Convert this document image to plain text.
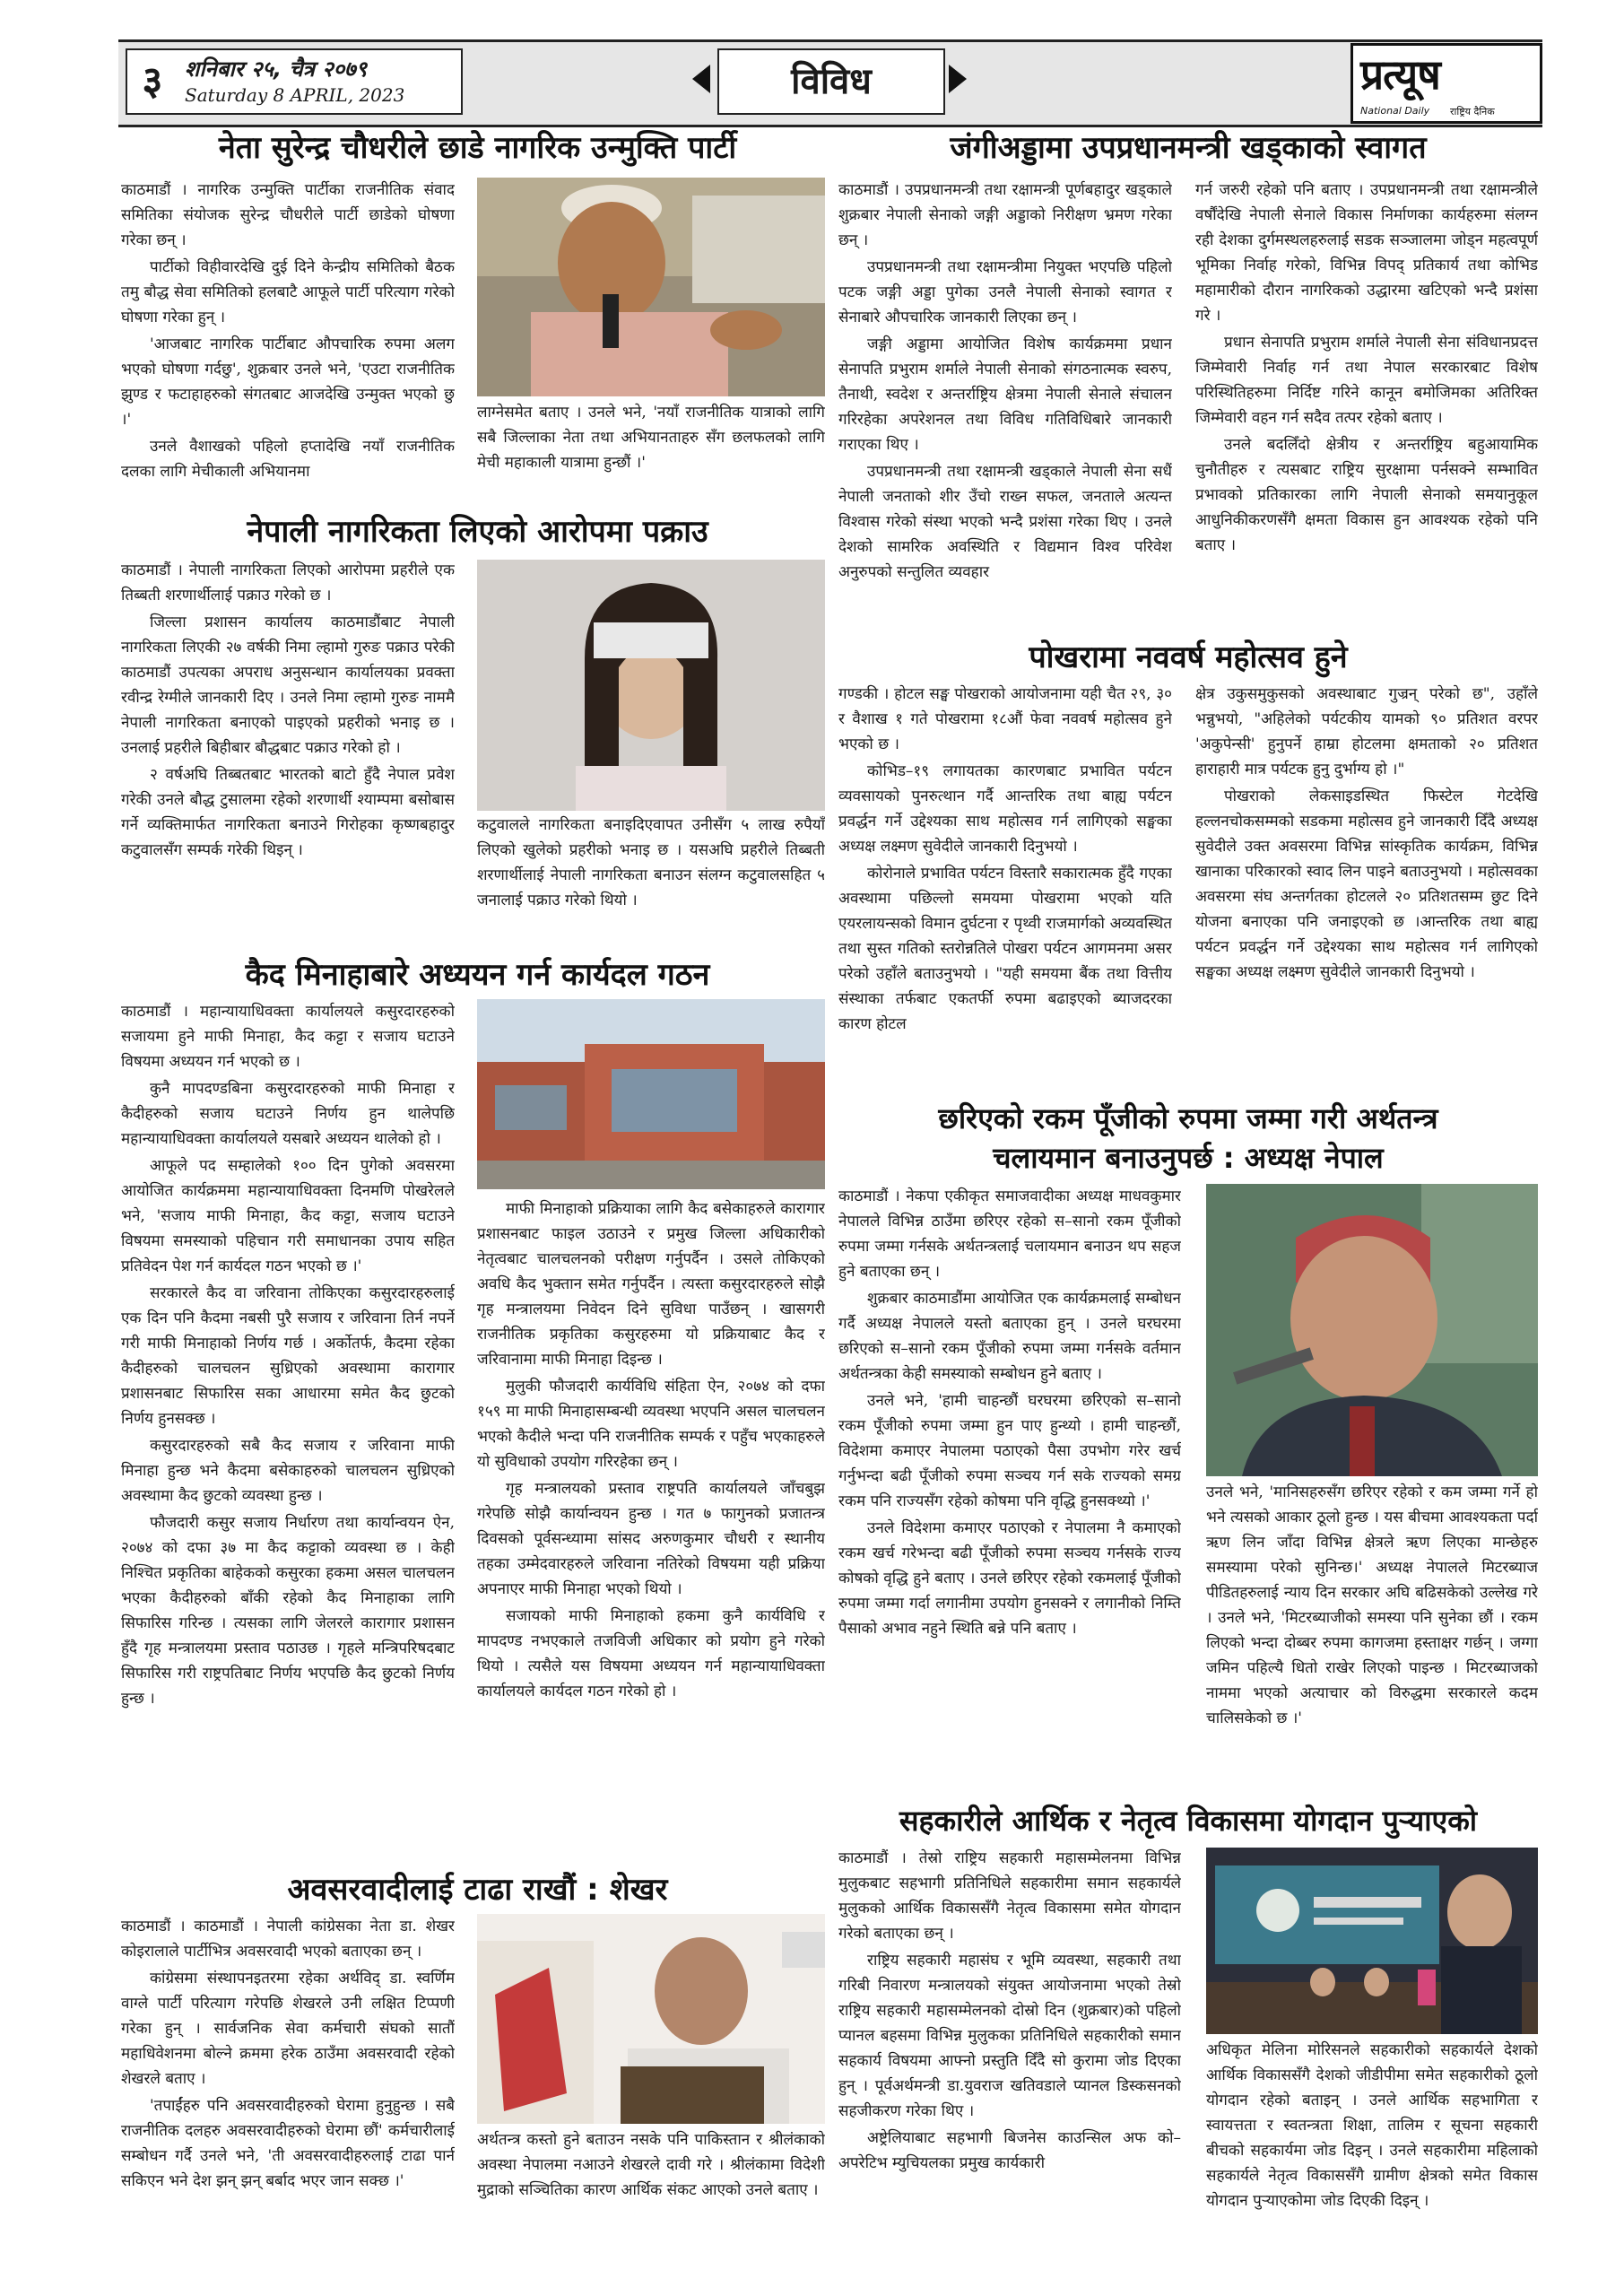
३	शनिबार २५, चैत्र २०७९
Saturday 8 APRIL, 2023	विविध	प्रत्यूष
National Daily राष्ट्रिय दैनिक
नेता सुरेन्द्र चौधरीले छाडे नागरिक उन्मुक्ति पार्टी

काठमाडौं । नागरिक उन्मुक्ति पार्टीका राजनीतिक संवाद समितिका संयोजक सुरेन्द्र चौधरीले पार्टी छाडेको घोषणा गरेका छन् ।

पार्टीको विहीवारदेखि दुई दिने केन्द्रीय समितिको बैठक तमु बौद्ध सेवा समितिको हलबाटै आफूले पार्टी परित्याग गरेको घोषणा गरेका हुन् ।

'आजबाट नागरिक पार्टीबाट औपचारिक रुपमा अलग भएको घोषणा गर्दछु', शुक्रबार उनले भने, 'एउटा राजनीतिक झुण्ड र फटाहाहरुको संगतबाट आजदेखि उन्मुक्त भएको छु ।'

उनले वैशाखको पहिलो हप्तादेखि नयाँ राजनीतिक दलका लागि मेचीकाली अभियानमा

लाग्नेसमेत बताए । उनले भने, 'नयाँ राजनीतिक यात्राको लागि सबै जिल्लाका नेता तथा अभियानताहरु सँग छलफलको लागि मेची महाकाली यात्रामा हुन्छौं ।'
नेपाली नागरिकता लिएको आरोपमा पक्राउ

काठमाडौं । नेपाली नागरिकता लिएको आरोपमा प्रहरीले एक तिब्बती शरणार्थीलाई पक्राउ गरेको छ ।

जिल्ला प्रशासन कार्यालय काठमाडौंबाट नेपाली नागरिकता लिएकी २७ वर्षकी निमा ल्हामो गुरुङ पक्राउ परेकी काठमाडौं उपत्यका अपराध अनुसन्धान कार्यालयका प्रवक्ता रवीन्द्र रेग्मीले जानकारी दिए । उनले निमा ल्हामो गुरुङ नाममै नेपाली नागरिकता बनाएको पाइएको प्रहरीको भनाइ छ । उनलाई प्रहरीले बिहीबार बौद्धबाट पक्राउ गरेको हो ।

२ वर्षअघि तिब्बतबाट भारतको बाटो हुँदै नेपाल प्रवेश गरेकी उनले बौद्ध टुसालमा रहेको शरणार्थी श्याम्पमा बसोबास गर्ने व्यक्तिमार्फत नागरिकता बनाउने गिरोहका कृष्णबहादुर कटुवालसँग सम्पर्क गरेकी थिइन् ।

कटुवालले नागरिकता बनाइदिएवापत उनीसँग ५ लाख रुपैयाँ लिएको खुलेको प्रहरीको भनाइ छ । यसअघि प्रहरीले तिब्बती शरणार्थीलाई नेपाली नागरिकता बनाउन संलग्न कटुवालसहित ५ जनालाई पक्राउ गरेको थियो ।
कैद मिनाहाबारे अध्ययन गर्न कार्यदल गठन

काठमाडौं । महान्यायाधिवक्ता कार्यालयले कसुरदारहरुको सजायमा हुने माफी मिनाहा, कैद कट्टा र सजाय घटाउने विषयमा अध्ययन गर्न भएको छ ।

कुनै मापदण्डबिना कसुरदारहरुको माफी मिनाहा र कैदीहरुको सजाय घटाउने निर्णय हुन थालेपछि महान्यायाधिवक्ता कार्यालयले यसबारे अध्ययन थालेको हो ।

आफूले पद सम्हालेको १०० दिन पुगेको अवसरमा आयोजित कार्यक्रममा महान्यायाधिवक्ता दिनमणि पोखरेलले भने, 'सजाय माफी मिनाहा, कैद कट्टा, सजाय घटाउने विषयमा समस्याको पहिचान गरी समाधानका उपाय सहित प्रतिवेदन पेश गर्न कार्यदल गठन भएको छ ।'

सरकारले कैद वा जरिवाना तोकिएका कसुरदारहरुलाई एक दिन पनि कैदमा नबसी पुरै सजाय र जरिवाना तिर्न नपर्ने गरी माफी मिनाहाको निर्णय गर्छ । अर्कोतर्फ, कैदमा रहेका कैदीहरुको चालचलन सुध्रिएको अवस्थामा कारागार प्रशासनबाट सिफारिस सका आधारमा समेत कैद छुटको निर्णय हुनसक्छ ।

कसुरदारहरुको सबै कैद सजाय र जरिवाना माफी मिनाहा हुन्छ भने कैदमा बसेकाहरुको चालचलन सुध्रिएको अवस्थामा कैद छुटको व्यवस्था हुन्छ ।

फौजदारी कसुर सजाय निर्धारण तथा कार्यान्वयन ऐन, २०७४ को दफा ३७ मा कैद कट्टाको व्यवस्था छ । केही निश्चित प्रकृतिका बाहेकको कसुरका हकमा असल चालचलन भएका कैदीहरुको बाँकी रहेको कैद मिनाहाका लागि सिफारिस गरिन्छ । त्यसका लागि जेलरले कारागार प्रशासन हुँदै गृह मन्त्रालयमा प्रस्ताव पठाउछ । गृहले मन्त्रिपरिषदबाट सिफारिस गरी राष्ट्रपतिबाट निर्णय भएपछि कैद छुटको निर्णय हुन्छ ।

माफी मिनाहाको प्रक्रियाका लागि कैद बसेकाहरुले कारागार प्रशासनबाट फाइल उठाउने र प्रमुख जिल्ला अधिकारीको नेतृत्वबाट चालचलनको परीक्षण गर्नुपर्दैन । उसले तोकिएको अवधि कैद भुक्तान समेत गर्नुपर्दैन । त्यस्ता कसुरदारहरुले सोझै गृह मन्त्रालयमा निवेदन दिने सुविधा पाउँछन् । खासगरी राजनीतिक प्रकृतिका कसुरहरुमा यो प्रक्रियाबाट कैद र जरिवानामा माफी मिनाहा दिइन्छ ।

मुलुकी फौजदारी कार्यविधि संहिता ऐन, २०७४ को दफा १५९ मा माफी मिनाहासम्बन्धी व्यवस्था भएपनि असल चालचलन भएको कैदीले भन्दा पनि राजनीतिक सम्पर्क र पहुँच भएकाहरुले यो सुविधाको उपयोग गरिरहेका छन् ।

गृह मन्त्रालयको प्रस्ताव राष्ट्रपति कार्यालयले जाँचबुझ गरेपछि सोझै कार्यान्वयन हुन्छ । गत ७ फागुनको प्रजातन्त्र दिवसको पूर्वसन्ध्यामा सांसद अरुणकुमार चौधरी र स्थानीय तहका उम्मेदवारहरुले जरिवाना नतिरेको विषयमा यही प्रक्रिया अपनाएर माफी मिनाहा भएको थियो ।

सजायको माफी मिनाहाको हकमा कुनै कार्यविधि र मापदण्ड नभएकाले तजविजी अधिकार को प्रयोग हुने गरेको थियो । त्यसैले यस विषयमा अध्ययन गर्न महान्यायाधिवक्ता कार्यालयले कार्यदल गठन गरेको हो ।

अवसरवादीलाई टाढा राखौं : शेखर

काठमाडौं । काठमाडौं । नेपाली कांग्रेसका नेता डा. शेखर कोइरालाले पार्टीभित्र अवसरवादी भएको बताएका छन् ।

कांग्रेसमा संस्थापनइतरमा रहेका अर्थविद् डा. स्वर्णिम वाग्ले पार्टी परित्याग गरेपछि शेखरले उनी लक्षित टिप्पणी गरेका हुन् । सार्वजनिक सेवा कर्मचारी संघको सातौं महाधिवेशनमा बोल्ने क्रममा हरेक ठाउँमा अवसरवादी रहेको शेखरले बताए ।

'तपाईंहरु पनि अवसरवादीहरुको घेरामा हुनुहुन्छ । सबै राजनीतिक दलहरु अवसरवादीहरुको घेरामा छौं' कर्मचारीलाई सम्बोधन गर्दै उनले भने, 'ती अवसरवादीहरुलाई टाढा पार्न सकिएन भने देश झन् झन् बर्बाद भएर जान सक्छ ।'

अर्थतन्त्र कस्तो हुने बताउन नसके पनि पाकिस्तान र श्रीलंकाको अवस्था नेपालमा नआउने शेखरले दावी गरे । श्रीलंकामा विदेशी मुद्राको सञ्चितिका कारण आर्थिक संकट आएको उनले बताए ।
जंगीअड्डामा उपप्रधानमन्त्री खड्काको स्वागत

काठमाडौं । उपप्रधानमन्त्री तथा रक्षामन्त्री पूर्णबहादुर खड्काले शुक्रबार नेपाली सेनाको जङ्गी अड्डाको निरीक्षण भ्रमण गरेका छन् ।

उपप्रधानमन्त्री तथा रक्षामन्त्रीमा नियुक्त भएपछि पहिलो पटक जङ्गी अड्डा पुगेका उनलै नेपाली सेनाको स्वागत र सेनाबारे औपचारिक जानकारी लिएका छन् ।

जङ्गी अड्डामा आयोजित विशेष कार्यक्रममा प्रधान सेनापति प्रभुराम शर्माले नेपाली सेनाको संगठनात्मक स्वरुप, तैनाथी, स्वदेश र अन्तर्राष्ट्रिय क्षेत्रमा नेपाली सेनाले संचालन गरिरहेका अपरेशनल तथा विविध गतिविधिबारे जानकारी गराएका थिए ।

उपप्रधानमन्त्री तथा रक्षामन्त्री खड्काले नेपाली सेना सधैं नेपाली जनताको शीर उँचो राख्न सफल, जनताले अत्यन्त विश्वास गरेको संस्था भएको भन्दै प्रशंसा गरेका थिए । उनले देशको सामरिक अवस्थिति र विद्यमान विश्व परिवेश अनुरुपको सन्तुलित व्यवहार

गर्न जरुरी रहेको पनि बताए । उपप्रधानमन्त्री तथा रक्षामन्त्रीले वर्षौंदेखि नेपाली सेनाले विकास निर्माणका कार्यहरुमा संलग्न रही देशका दुर्गमस्थलहरुलाई सडक सञ्जालमा जोड्न महत्वपूर्ण भूमिका निर्वाह गरेको, विभिन्न विपद् प्रतिकार्य तथा कोभिड महामारीको दौरान नागरिकको उद्धारमा खटिएको भन्दै प्रशंसा गरे ।

प्रधान सेनापति प्रभुराम शर्माले नेपाली सेना संविधानप्रदत्त जिम्मेवारी निर्वाह गर्न तथा नेपाल सरकारबाट विशेष परिस्थितिहरुमा निर्दिष्ट गरिने कानून बमोजिमका अतिरिक्त जिम्मेवारी वहन गर्न सदैव तत्पर रहेको बताए ।

उनले बदलिँदो क्षेत्रीय र अन्तर्राष्ट्रिय बहुआयामिक चुनौतीहरु र त्यसबाट राष्ट्रिय सुरक्षामा पर्नसक्ने सम्भावित प्रभावको प्रतिकारका लागि नेपाली सेनाको समयानुकूल आधुनिकीकरणसँगै क्षमता विकास हुन आवश्यक रहेको पनि बताए ।

पोखरामा नववर्ष महोत्सव हुने

गण्डकी । होटल सङ्घ पोखराको आयोजनामा यही चैत २९, ३० र वैशाख १ गते पोखरामा १८औं फेवा नववर्ष महोत्सव हुने भएको छ ।

कोभिड–१९ लगायतका कारणबाट प्रभावित पर्यटन व्यवसायको पुनरुत्थान गर्दै आन्तरिक तथा बाह्य पर्यटन प्रवर्द्धन गर्ने उद्देश्यका साथ महोत्सव गर्न लागिएको सङ्घका अध्यक्ष लक्ष्मण सुवेदीले जानकारी दिनुभयो ।

कोरोनाले प्रभावित पर्यटन विस्तारै सकारात्मक हुँदै गएका अवस्थामा पछिल्लो समयमा पोखरामा भएको यति एयरलायन्सको विमान दुर्घटना र पृथ्वी राजमार्गको अव्यवस्थित तथा सुस्त गतिको स्तरोन्नतिले पोखरा पर्यटन आगमनमा असर परेको उहाँले बताउनुभयो । "यही समयमा बैंक तथा वित्तीय संस्थाका तर्फबाट एकतर्फी रुपमा बढाइएको ब्याजदरका कारण होटल

क्षेत्र उकुसमुकुसको अवस्थाबाट गुज्रन् परेको छ", उहाँले भन्नुभयो, "अहिलेको पर्यटकीय यामको ९० प्रतिशत वरपर 'अकुपेन्सी' हुनुपर्ने हाम्रा होटलमा क्षमताको २० प्रतिशत हाराहारी मात्र पर्यटक हुनु दुर्भाग्य हो ।"

पोखराको लेकसाइडस्थित फिस्टेल गेटदेखि हल्लनचोकसम्मको सडकमा महोत्सव हुने जानकारी दिँदै अध्यक्ष सुवेदीले उक्त अवसरमा विभिन्न सांस्कृतिक कार्यक्रम, विभिन्न खानाका परिकारको स्वाद लिन पाइने बताउनुभयो । महोत्सवका अवसरमा संघ अन्तर्गतका होटलले २० प्रतिशतसम्म छुट दिने योजना बनाएका पनि जनाइएको छ ।आन्तरिक तथा बाह्य पर्यटन प्रवर्द्धन गर्ने उद्देश्यका साथ महोत्सव गर्न लागिएको सङ्घका अध्यक्ष लक्ष्मण सुवेदीले जानकारी दिनुभयो ।

छरिएको रकम पूँजीको रुपमा जम्मा गरी अर्थतन्त्र
चलायमान बनाउनुपर्छ : अध्यक्ष नेपाल

काठमाडौं । नेकपा एकीकृत समाजवादीका अध्यक्ष माधवकुमार नेपालले विभिन्न ठाउँमा छरिएर रहेको स–सानो रकम पूँजीको रुपमा जम्मा गर्नसके अर्थतन्त्रलाई चलायमान बनाउन थप सहज हुने बताएका छन् ।

शुक्रबार काठमाडौंमा आयोजित एक कार्यक्रमलाई सम्बोधन गर्दै अध्यक्ष नेपालले यस्तो बताएका हुन् । उनले घरघरमा छरिएको स–सानो रकम पूँजीको रुपमा जम्मा गर्नसके वर्तमान अर्थतन्त्रका केही समस्याको सम्बोधन हुने बताए ।

उनले भने, 'हामी चाहन्छौं घरघरमा छरिएको स–सानो रकम पूँजीको रुपमा जम्मा हुन पाए हुन्थ्यो । हामी चाहन्छौं, विदेशमा कमाएर नेपालमा पठाएको पैसा उपभोग गरेर खर्च गर्नुभन्दा बढी पूँजीको रुपमा सञ्चय गर्न सके राज्यको समग्र रकम पनि राज्यसँग रहेको कोषमा पनि वृद्धि हुनसक्थ्यो ।'

उनले विदेशमा कमाएर पठाएको र नेपालमा नै कमाएको रकम खर्च गरेभन्दा बढी पूँजीको रुपमा सञ्चय गर्नसके राज्य कोषको वृद्धि हुने बताए । उनले छरिएर रहेको रकमलाई पूँजीको रुपमा जम्मा गर्दा लगानीमा उपयोग हुनसक्ने र लगानीको निम्ति पैसाको अभाव नहुने स्थिति बन्ने पनि बताए ।

उनले भने, 'मानिसहरुसँग छरिएर रहेको र कम जम्मा गर्ने हो भने त्यसको आकार ठूलो हुन्छ । यस बीचमा आवश्यकता पर्दा ऋण लिन जाँदा विभिन्न क्षेत्रले ऋण लिएका मान्छेहरु समस्यामा परेको सुनिन्छ।' अध्यक्ष नेपालले मिटरब्याज पीडितहरुलाई न्याय दिन सरकार अघि बढिसकेको उल्लेख गरे । उनले भने, 'मिटरब्याजीको समस्या पनि सुनेका छौं । रकम लिएको भन्दा दोब्बर रुपमा कागजमा हस्ताक्षर गर्छन् । जग्गा जमिन पहिल्यै धितो राखेर लिएको पाइन्छ । मिटरब्याजको नाममा भएको अत्याचार को विरुद्धमा सरकारले कदम चालिसकेको छ ।'
सहकारीले आर्थिक र नेतृत्व विकासमा योगदान पुऱ्याएको

काठमाडौं । तेस्रो राष्ट्रिय सहकारी महासम्मेलनमा विभिन्न मुलुकबाट सहभागी प्रतिनिधिले सहकारीमा समान सहकार्यले मुलुकको आर्थिक विकाससँगै नेतृत्व विकासमा समेत योगदान गरेको बताएका छन् ।

राष्ट्रिय सहकारी महासंघ र भूमि व्यवस्था, सहकारी तथा गरिबी निवारण मन्त्रालयको संयुक्त आयोजनामा भएको तेस्रो राष्ट्रिय सहकारी महासम्मेलनको दोस्रो दिन (शुक्रबार)को पहिलो प्यानल बहसमा विभिन्न मुलुकका प्रतिनिधिले सहकारीको समान सहकार्य विषयमा आफ्नो प्रस्तुति दिँदै सो कुरामा जोड दिएका हुन् । पूर्वअर्थमन्त्री डा.युवराज खतिवडाले प्यानल डिस्कसनको सहजीकरण गरेका थिए ।

अष्ट्रेलियाबाट सहभागी बिजनेस काउन्सिल अफ को–अपरेटिभ म्युचियलका प्रमुख कार्यकारी

अधिकृत मेलिना मोरिसनले सहकारीको सहकार्यले देशको आर्थिक विकाससँगै देशको जीडीपीमा समेत सहकारीको ठूलो योगदान रहेको बताइन् । उनले आर्थिक सहभागिता र स्वायत्तता र स्वतन्त्रता शिक्षा, तालिम र सूचना सहकारी बीचको सहकार्यमा जोड दिइन् । उनले सहकारीमा महिलाको सहकार्यले नेतृत्व विकाससँगै ग्रामीण क्षेत्रको समेत विकास योगदान पुऱ्याएकोमा जोड दिएकी दिइन् ।
